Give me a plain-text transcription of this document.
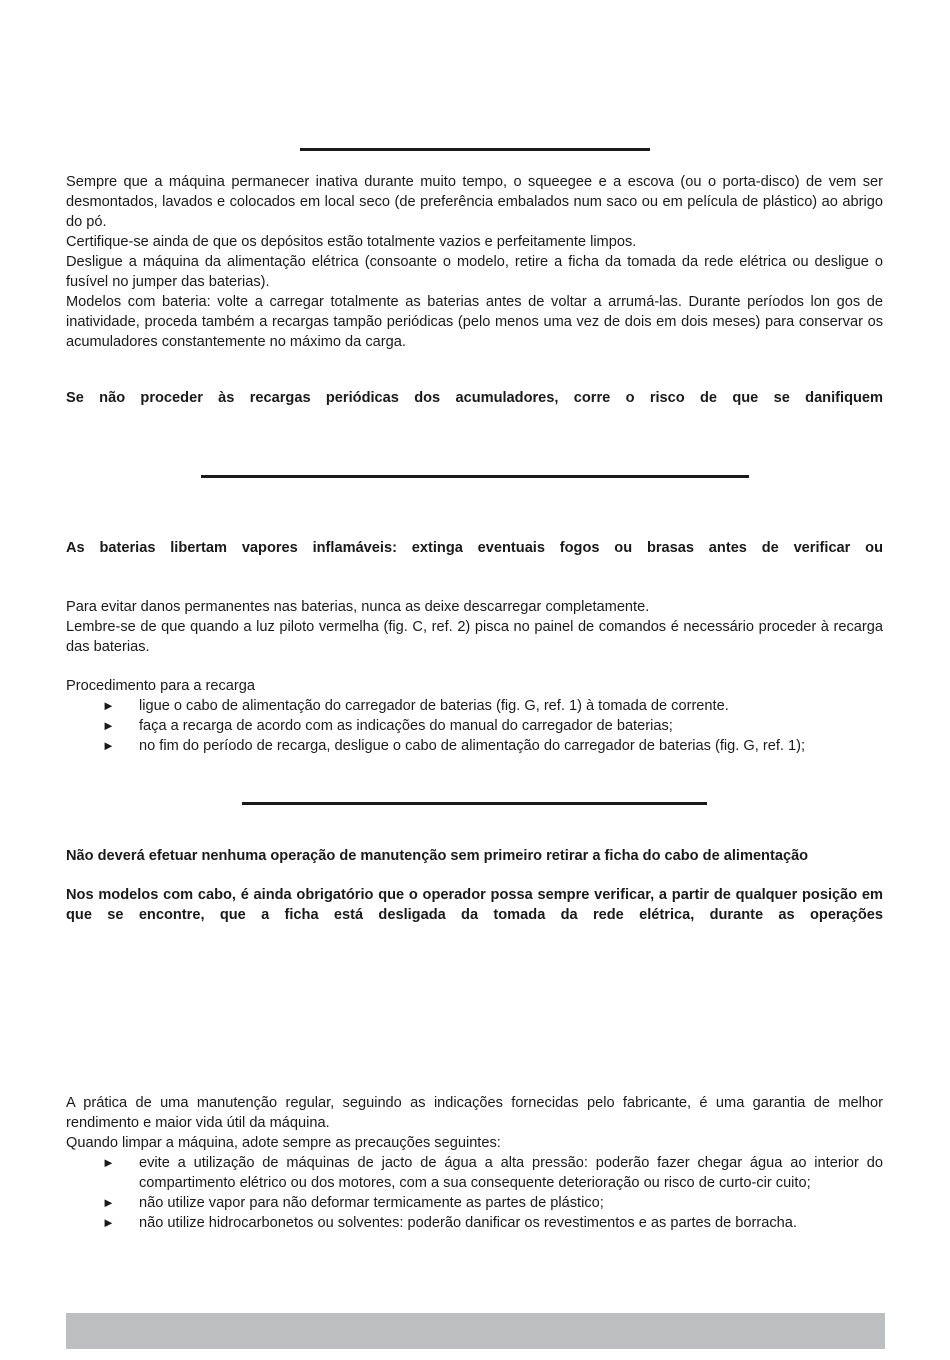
Sempre que a máquina permanecer inativa durante muito tempo, o squeegee e a escova (ou o porta-disco) de vem ser desmontados, lavados e colocados em local seco (de preferência embalados num saco ou em película de plástico) ao abrigo do pó.

Certifique-se ainda de que os depósitos estão totalmente vazios e perfeitamente limpos.

Desligue a máquina da alimentação elétrica (consoante o modelo, retire a ficha da tomada da rede elétrica ou desligue o fusível no jumper das baterias).

Modelos com bateria: volte a carregar totalmente as baterias antes de voltar a arrumá-las. Durante períodos lon gos de inatividade, proceda também a recargas tampão periódicas (pelo menos uma vez de dois em dois meses) para conservar os acumuladores constantemente no máximo da carga.

Se não proceder às recargas periódicas dos acumuladores, corre o risco de que se danifiquem

As baterias libertam vapores inflamáveis: extinga eventuais fogos ou brasas antes de verificar ou

Para evitar danos permanentes nas baterias, nunca as deixe descarregar completamente.

Lembre-se de que quando a luz piloto vermelha (fig. C, ref. 2) pisca no painel de comandos é necessário proceder à recarga das baterias.

Procedimento para a recarga

► ligue o cabo de alimentação do carregador de baterias (fig. G, ref. 1) à tomada de corrente.
► faça a recarga de acordo com as indicações do manual do carregador de baterias;
► no fim do período de recarga, desligue o cabo de alimentação do carregador de baterias (fig. G, ref. 1);

Não deverá efetuar nenhuma operação de manutenção sem primeiro retirar a ficha do cabo de alimentação

Nos modelos com cabo, é ainda obrigatório que o operador possa sempre verificar, a partir de qualquer posição em que se encontre, que a ficha está desligada da tomada da rede elétrica, durante as operações

A prática de uma manutenção regular, seguindo as indicações fornecidas pelo fabricante, é uma garantia de melhor rendimento e maior vida útil da máquina.

Quando limpar a máquina, adote sempre as precauções seguintes:

► evite a utilização de máquinas de jacto de água a alta pressão: poderão fazer chegar água ao interior do compartimento elétrico ou dos motores, com a sua consequente deterioração ou risco de curto-cir cuito;
► não utilize vapor para não deformar termicamente as partes de plástico;
► não utilize hidrocarbonetos ou solventes: poderão danificar os revestimentos e as partes de borracha.
